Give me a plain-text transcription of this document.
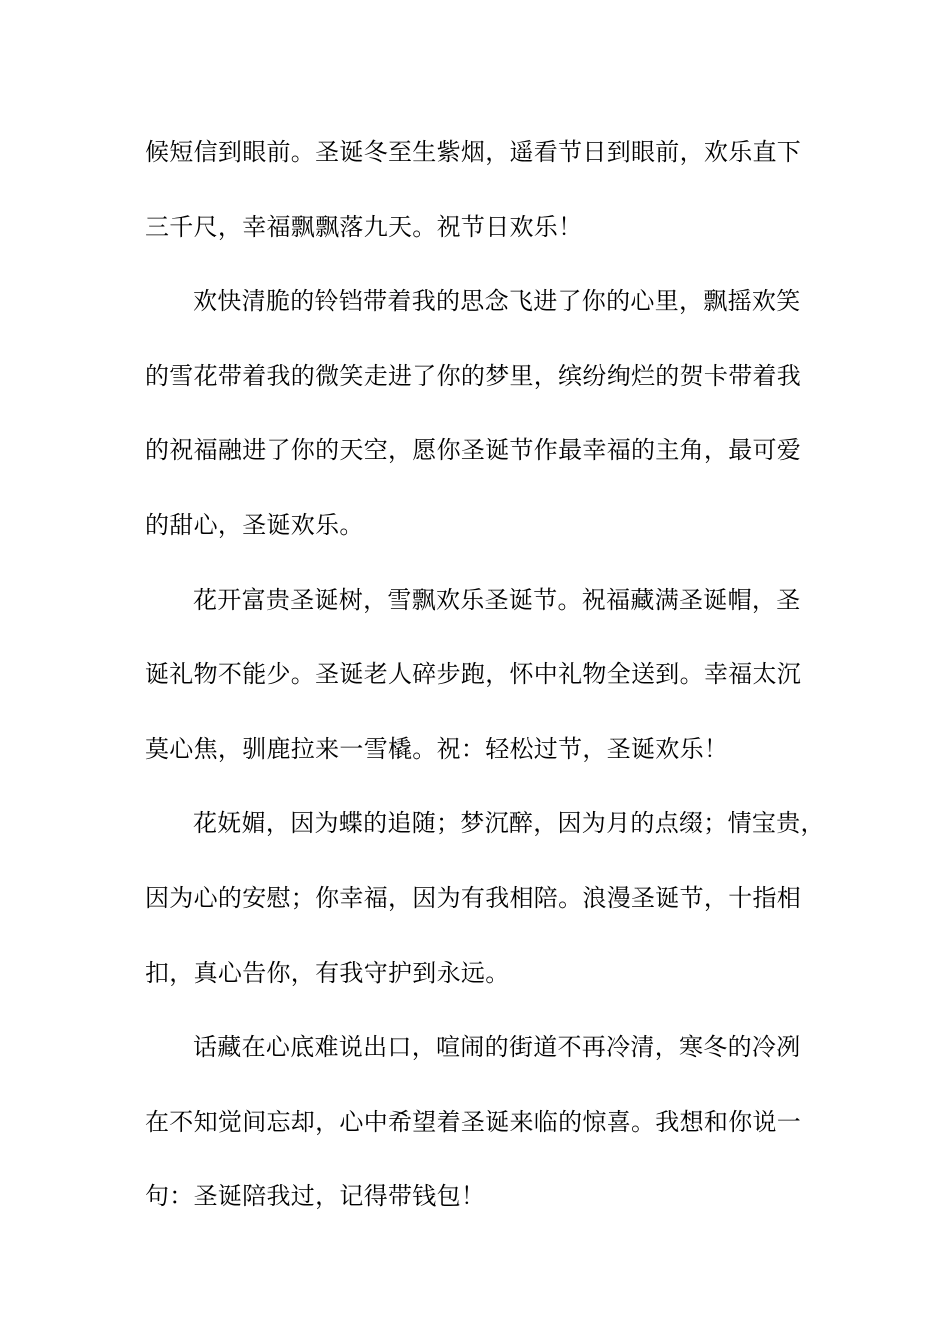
候短信到眼前。圣诞冬至生紫烟，遥看节日到眼前，欢乐直下
三千尺，幸福飘飘落九天。祝节日欢乐！
欢快清脆的铃铛带着我的思念飞进了你的心里，飘摇欢笑
的雪花带着我的微笑走进了你的梦里，缤纷绚烂的贺卡带着我
的祝福融进了你的天空，愿你圣诞节作最幸福的主角，最可爱
的甜心，圣诞欢乐。
花开富贵圣诞树，雪飘欢乐圣诞节。祝福藏满圣诞帽，圣
诞礼物不能少。圣诞老人碎步跑，怀中礼物全送到。幸福太沉
莫心焦，驯鹿拉来一雪橇。祝：轻松过节，圣诞欢乐！
花妩媚，因为蝶的追随；梦沉醉，因为月的点缀；情宝贵，
因为心的安慰；你幸福，因为有我相陪。浪漫圣诞节，十指相
扣，真心告你，有我守护到永远。
话藏在心底难说出口，喧闹的街道不再冷清，寒冬的冷冽
在不知觉间忘却，心中希望着圣诞来临的惊喜。我想和你说一
句：圣诞陪我过，记得带钱包！
